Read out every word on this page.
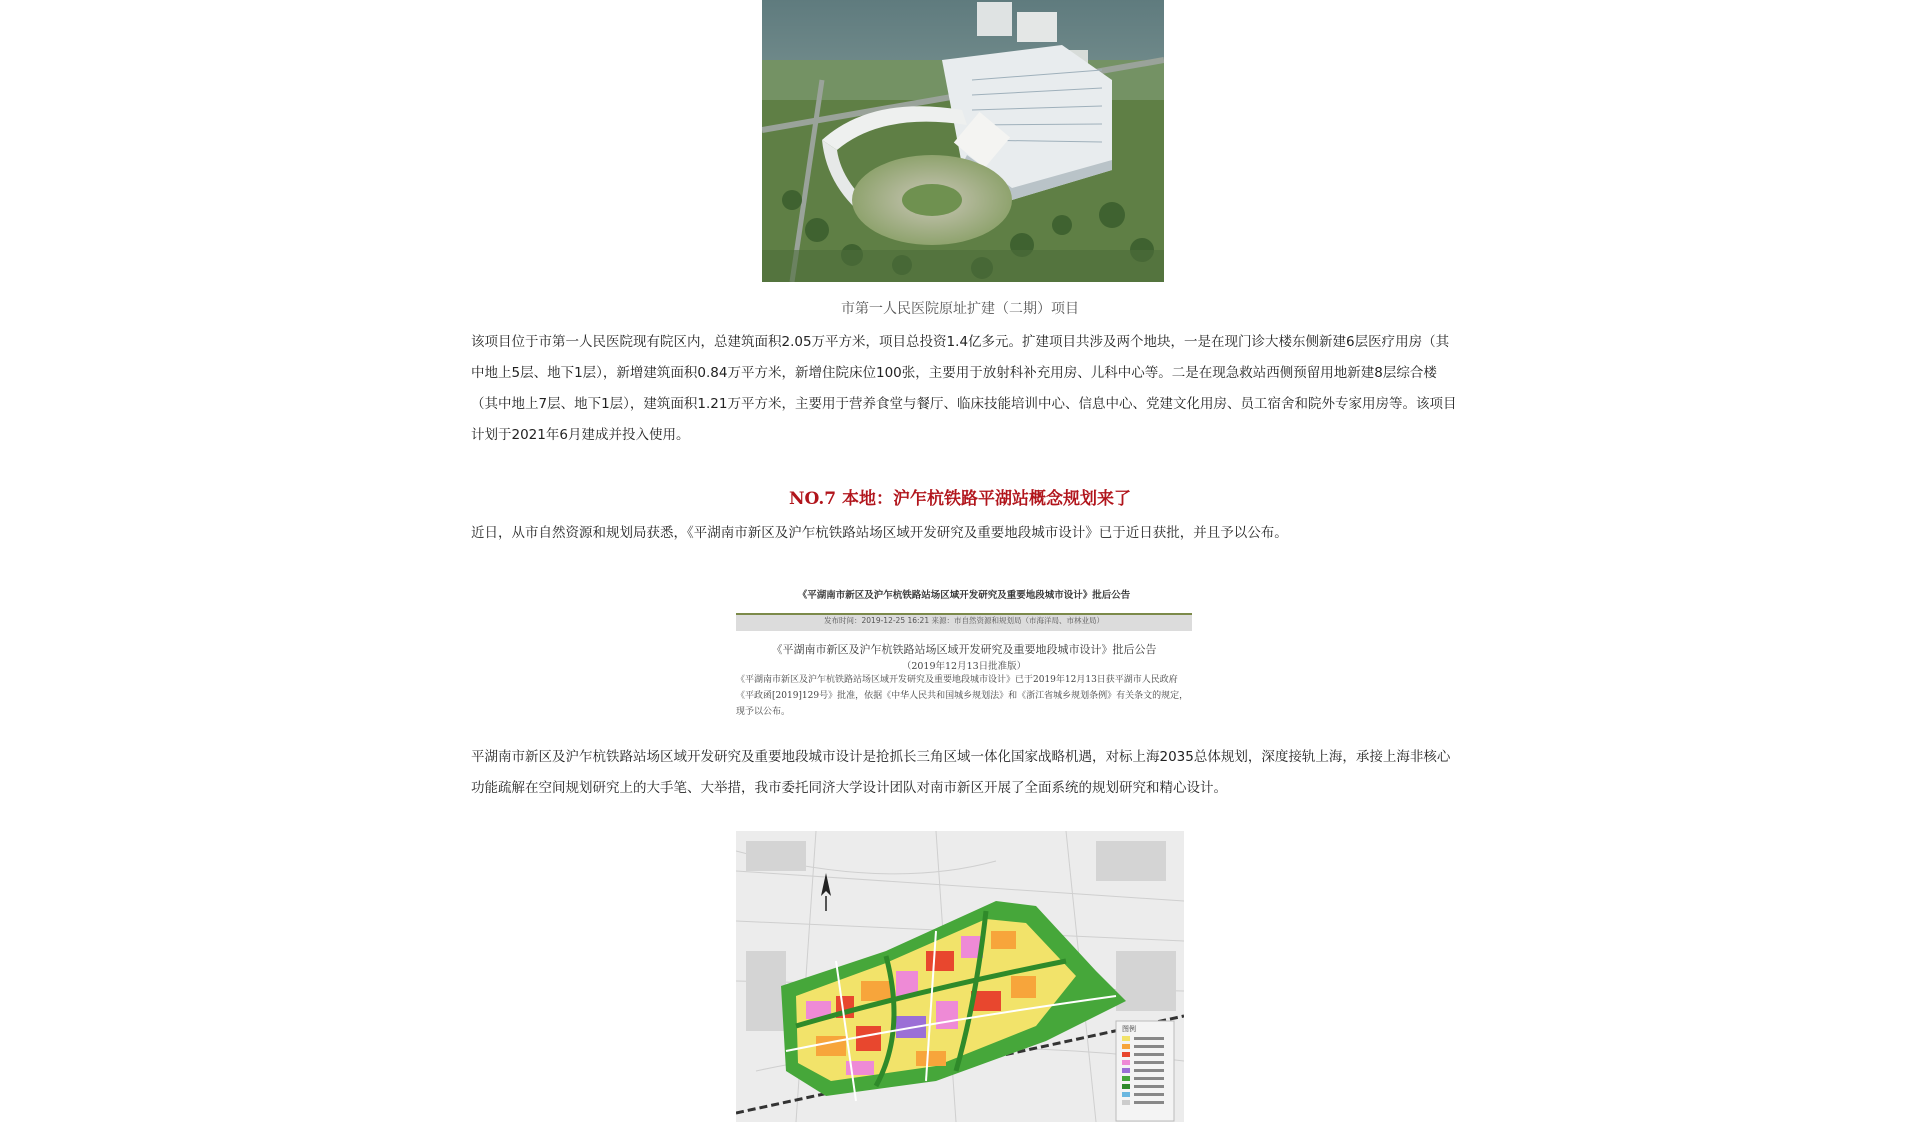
市第一人民医院原址扩建（二期）项目
该项目位于市第一人民医院现有院区内，总建筑面积2.05万平方米，项目总投资1.4亿多元。扩建项目共涉及两个地块，一是在现门诊大楼东侧新建6层医疗用房（其中地上5层、地下1层），新增建筑面积0.84万平方米，新增住院床位100张，主要用于放射科补充用房、儿科中心等。二是在现急救站西侧预留用地新建8层综合楼（其中地上7层、地下1层），建筑面积1.21万平方米，主要用于营养食堂与餐厅、临床技能培训中心、信息中心、党建文化用房、员工宿舍和院外专家用房等。该项目计划于2021年6月建成并投入使用。
NO.7 本地：沪乍杭铁路平湖站概念规划来了
近日，从市自然资源和规划局获悉，《平湖南市新区及沪乍杭铁路站场区域开发研究及重要地段城市设计》已于近日获批，并且予以公布。
《平湖南市新区及沪乍杭铁路站场区域开发研究及重要地段城市设计》批后公告
发布时间：2019-12-25 16:21 来源：市自然资源和规划局（市海洋局、市林业局）
《平湖南市新区及沪乍杭铁路站场区域开发研究及重要地段城市设计》批后公告
（2019年12月13日批准版）
《平湖南市新区及沪乍杭铁路站场区域开发研究及重要地段城市设计》已于2019年12月13日获平湖市人民政府《平政函[2019]129号》批准，依据《中华人民共和国城乡规划法》和《浙江省城乡规划条例》有关条文的规定，现予以公布。
平湖南市新区及沪乍杭铁路站场区域开发研究及重要地段城市设计是抢抓长三角区域一体化国家战略机遇，对标上海2035总体规划，深度接轨上海，承接上海非核心功能疏解在空间规划研究上的大手笔、大举措，我市委托同济大学设计团队对南市新区开展了全面系统的规划研究和精心设计。
图例
